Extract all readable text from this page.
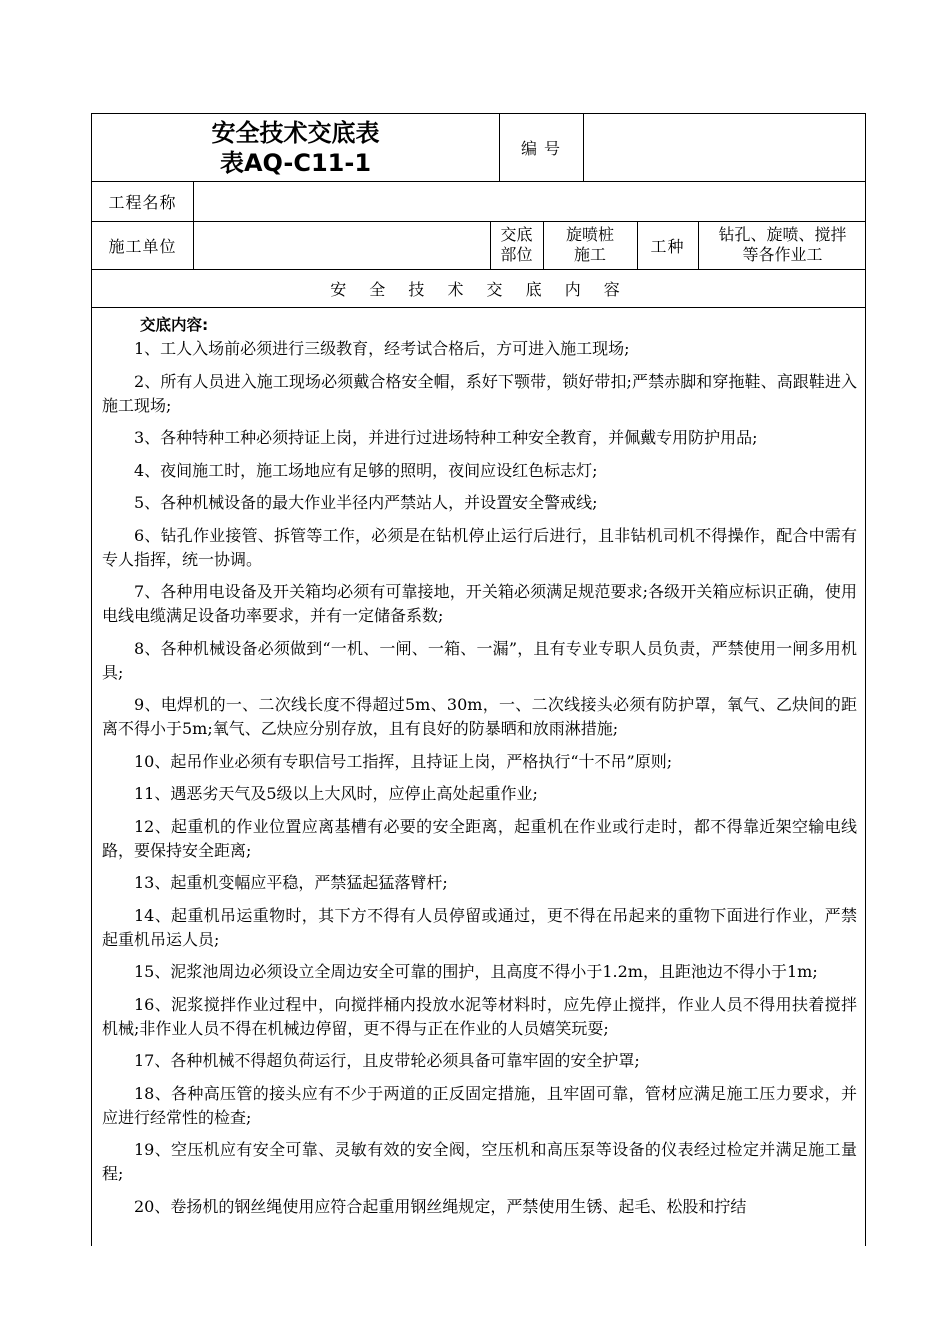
安全技术交底表
表AQ-C11-1	编 号
工程名称
施工单位
交底
部位
旋喷桩
施工	工种
钻孔、旋喷、搅拌
等各作业工
安 全 技 术 交 底 内 容
交底内容:

1、工人入场前必须进行三级教育，经考试合格后，方可进入施工现场;

2、所有人员进入施工现场必须戴合格安全帽，系好下颚带，锁好带扣;严禁赤脚和穿拖鞋、高跟鞋进入施工现场;

3、各种特种工种必须持证上岗，并进行过进场特种工种安全教育，并佩戴专用防护用品;

4、夜间施工时，施工场地应有足够的照明，夜间应设红色标志灯;

5、各种机械设备的最大作业半径内严禁站人，并设置安全警戒线;

6、钻孔作业接管、拆管等工作，必须是在钻机停止运行后进行，且非钻机司机不得操作，配合中需有专人指挥，统一协调。

7、各种用电设备及开关箱均必须有可靠接地，开关箱必须满足规范要求;各级开关箱应标识正确，使用电线电缆满足设备功率要求，并有一定储备系数;

8、各种机械设备必须做到“一机、一闸、一箱、一漏”，且有专业专职人员负责，严禁使用一闸多用机具;

9、电焊机的一、二次线长度不得超过5m、30m，一、二次线接头必须有防护罩，氧气、乙炔间的距离不得小于5m;氧气、乙炔应分别存放，且有良好的防暴晒和放雨淋措施;

10、起吊作业必须有专职信号工指挥，且持证上岗，严格执行“十不吊”原则;

11、遇恶劣天气及5级以上大风时，应停止高处起重作业;

12、起重机的作业位置应离基槽有必要的安全距离，起重机在作业或行走时，都不得靠近架空输电线路，要保持安全距离;

13、起重机变幅应平稳，严禁猛起猛落臂杆;

14、起重机吊运重物时，其下方不得有人员停留或通过，更不得在吊起来的重物下面进行作业，严禁起重机吊运人员;

15、泥浆池周边必须设立全周边安全可靠的围护，且高度不得小于1.2m，且距池边不得小于1m;

16、泥浆搅拌作业过程中，向搅拌桶内投放水泥等材料时，应先停止搅拌，作业人员不得用扶着搅拌机械;非作业人员不得在机械边停留，更不得与正在作业的人员嬉笑玩耍;

17、各种机械不得超负荷运行，且皮带轮必须具备可靠牢固的安全护罩;

18、各种高压管的接头应有不少于两道的正反固定措施，且牢固可靠，管材应满足施工压力要求，并应进行经常性的检查;

19、空压机应有安全可靠、灵敏有效的安全阀，空压机和高压泵等设备的仪表经过检定并满足施工量程;

20、卷扬机的钢丝绳使用应符合起重用钢丝绳规定，严禁使用生锈、起毛、松股和拧结
